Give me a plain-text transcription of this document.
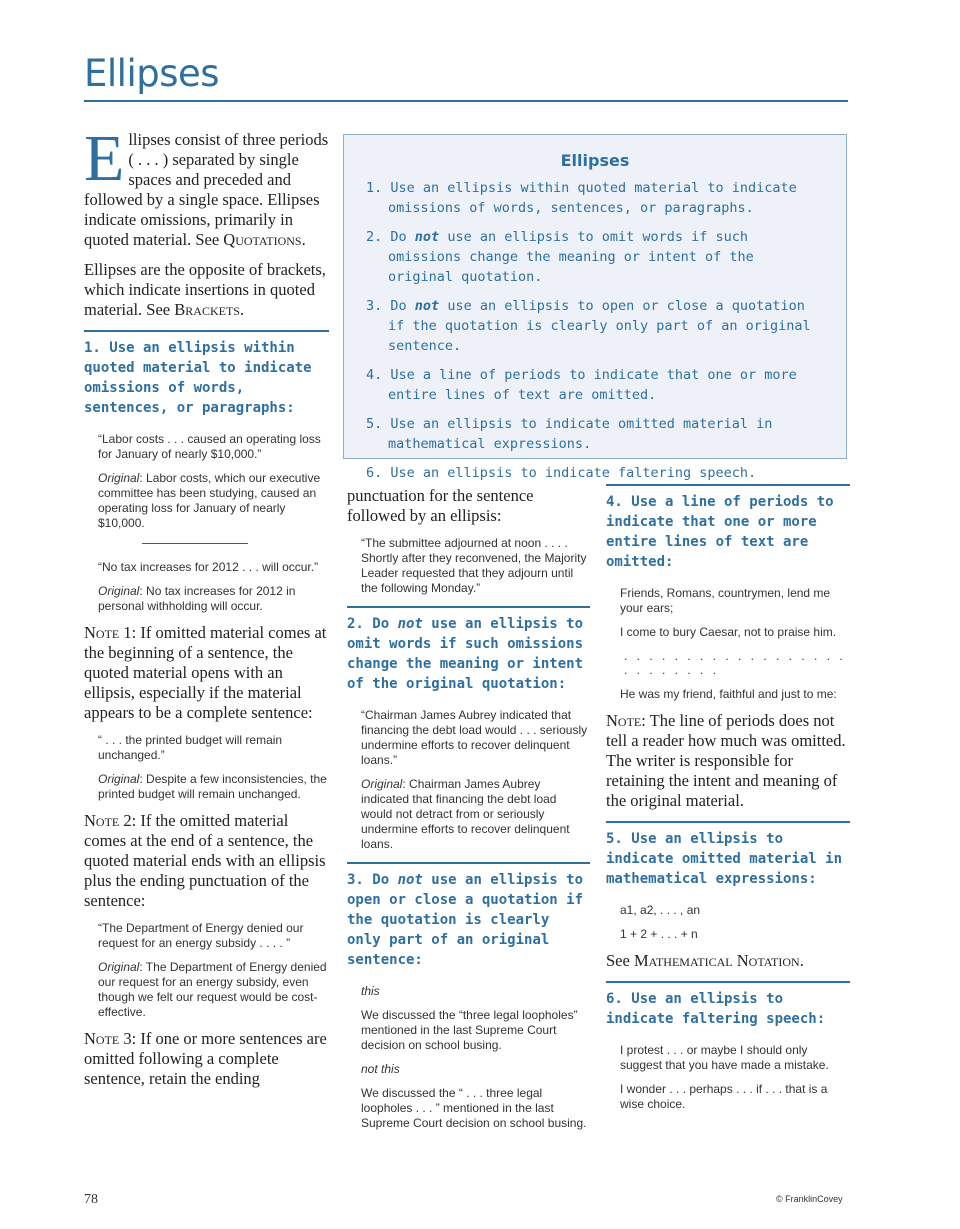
Ellipses
Ellipses
1. Use an ellipsis within quoted material to indicate omissions of words, sentences, or paragraphs.
2. Do not use an ellipsis to omit words if such omissions change the meaning or intent of the original quotation.
3. Do not use an ellipsis to open or close a quotation if the quotation is clearly only part of an original sentence.
4. Use a line of periods to indicate that one or more entire lines of text are omitted.
5. Use an ellipsis to indicate omitted material in mathematical expressions.
6. Use an ellipsis to indicate faltering speech.

Ellipses consist of three periods ( . . . ) separated by single spaces and preceded and followed by a single space. Ellipses indicate omissions, primarily in quoted material. See Quotations.

Ellipses are the opposite of brackets, which indicate insertions in quoted material. See Brackets.

1. Use an ellipsis within quoted material to indicate omissions of words, sentences, or paragraphs:
“Labor costs . . . caused an operating loss for January of nearly $10,000.”
Original: Labor costs, which our executive committee has been studying, caused an operating loss for January of nearly $10,000.
“No tax increases for 2012 . . . will occur.”
Original: No tax increases for 2012 in personal withholding will occur.

Note 1: If omitted material comes at the beginning of a sentence, the quoted material opens with an ellipsis, especially if the material appears to be a complete sentence:

“ . . . the printed budget will remain unchanged.”
Original: Despite a few inconsistencies, the printed budget will remain unchanged.

Note 2: If the omitted material comes at the end of a sentence, the quoted material ends with an ellipsis plus the ending punctuation of the sentence:

“The Department of Energy denied our request for an energy subsidy . . . . ”
Original: The Department of Energy denied our request for an energy subsidy, even though we felt our request would be cost-effective.

Note 3: If one or more sentences are omitted following a complete sentence, retain the ending

punctuation for the sentence followed by an ellipsis:

“The submittee adjourned at noon . . . . Shortly after they reconvened, the Majority Leader requested that they adjourn until the following Monday.”
2. Do not use an ellipsis to omit words if such omissions change the meaning or intent of the original quotation:
“Chairman James Aubrey indicated that financing the debt load would . . . seriously undermine efforts to recover delinquent loans.”
Original: Chairman James Aubrey indicated that financing the debt load would not detract from or seriously undermine efforts to recover delinquent loans.
3. Do not use an ellipsis to open or close a quotation if the quotation is clearly only part of an original sentence:
this
We discussed the “three legal loopholes” mentioned in the last Supreme Court decision on school busing.
not this
We discussed the “ . . . three legal loopholes . . . ” mentioned in the last Supreme Court decision on school busing.
4. Use a line of periods to indicate that one or more entire lines of text are omitted:
Friends, Romans, countrymen, lend me your ears;
I come to bury Caesar, not to praise him.
. . . . . . . . . . . . . . . . . . . . . . . . . .
He was my friend, faithful and just to me:

Note: The line of periods does not tell a reader how much was omitted. The writer is responsible for retaining the intent and meaning of the original material.

5. Use an ellipsis to indicate omitted material in mathematical expressions:
a1, a2, . . . , an
1 + 2 + . . . + n

See Mathematical Notation.

6. Use an ellipsis to indicate faltering speech:
I protest . . . or maybe I should only suggest that you have made a mistake.
I wonder . . . perhaps . . . if . . . that is a wise choice.
78	© FranklinCovey
